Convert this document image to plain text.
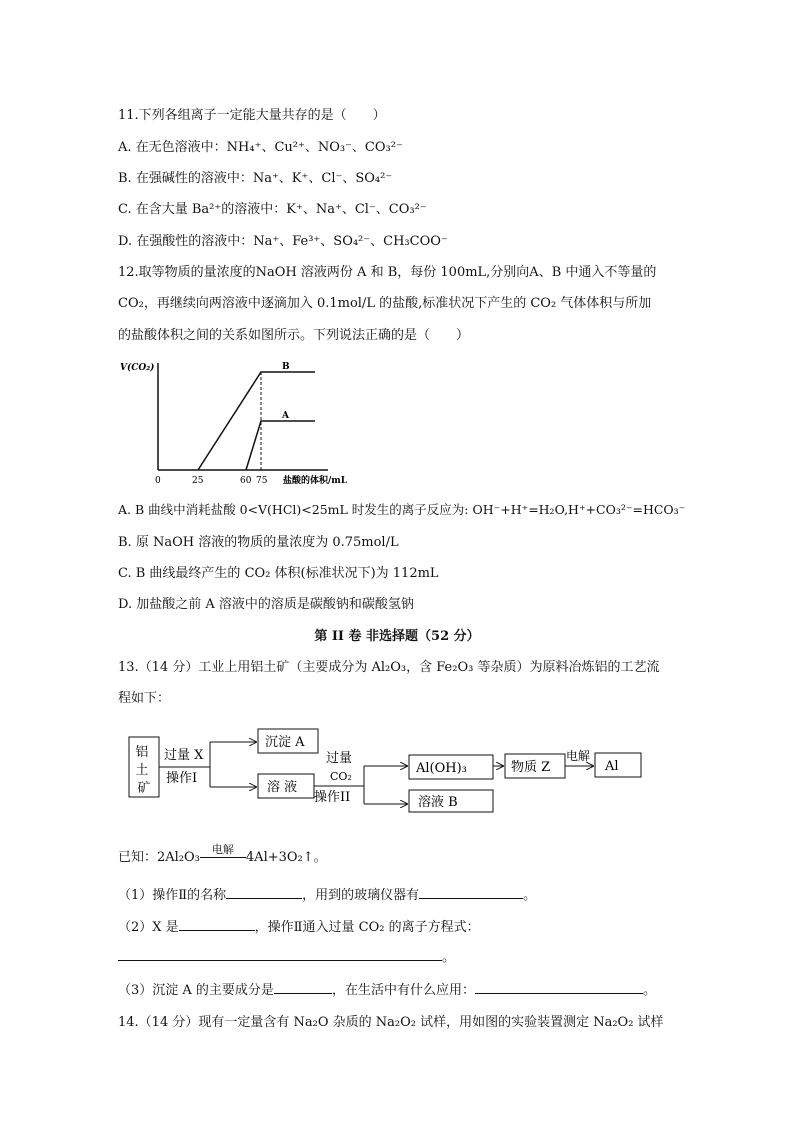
11.下列各组离子一定能大量共存的是（　　）
A. 在无色溶液中：NH₄⁺、Cu²⁺、NO₃⁻、CO₃²⁻
B. 在强碱性的溶液中：Na⁺、K⁺、Cl⁻、SO₄²⁻
C. 在含大量 Ba²⁺的溶液中：K⁺、Na⁺、Cl⁻、CO₃²⁻
D. 在强酸性的溶液中：Na⁺、Fe³⁺、SO₄²⁻、CH₃COO⁻
12.取等物质的量浓度的NaOH 溶液两份 A 和 B，每份 100mL,分别向A、B 中通入不等量的
CO₂，再继续向两溶液中逐滴加入 0.1mol/L 的盐酸,标准状况下产生的 CO₂ 气体体积与所加
的盐酸体积之间的关系如图所示。下列说法正确的是（　　）
V(CO₂)
0	25	60 75 盐酸的体积/mL
B
A
A. B 曲线中消耗盐酸 0<V(HCl)<25mL 时发生的离子反应为: OH⁻+H⁺=H₂O,H⁺+CO₃²⁻=HCO₃⁻
B. 原 NaOH 溶液的物质的量浓度为 0.75mol/L
C. B 曲线最终产生的 CO₂ 体积(标准状况下)为 112mL
D. 加盐酸之前 A 溶液中的溶质是碳酸钠和碳酸氢钠
第 II 卷 非选择题（52 分）
13.（14 分）工业上用铝土矿（主要成分为 Al₂O₃，含 Fe₂O₃ 等杂质）为原料冶炼铝的工艺流
程如下：
铝 土 矿
过量 X
操作I
沉淀 A
溶 液
过量
CO₂
操作II
Al(OH)₃
溶液 B
物质 Z
电解
Al
已知：2Al₂O₃
电解
4Al+3O₂↑。
（1）操作Ⅱ的名称	，用到的玻璃仪器有	。
（2）X 是	，操作Ⅱ通入过量 CO₂ 的离子方程式：
。
（3）沉淀 A 的主要成分是	，在生活中有什么应用：	。
14.（14 分）现有一定量含有 Na₂O 杂质的 Na₂O₂ 试样，用如图的实验装置测定 Na₂O₂ 试样
